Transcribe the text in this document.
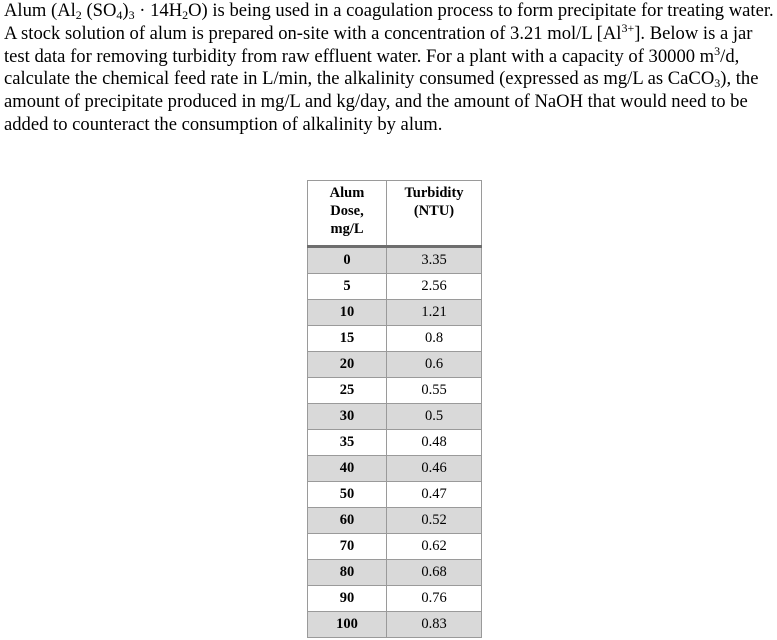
Alum ($Al_2$ $(SO_4)_3 \cdot 14H_2O$) is being used in a coagulation process to form precipitate for treating water. A stock solution of alum is prepared on-site with a concentration of 3.21 mol/L $[Al^{3+}]$. Below is a jar test data for removing turbidity from raw effluent water. For a plant with a capacity of 30000 $m^3/d$, calculate the chemical feed rate in L/min, the alkalinity consumed (expressed as mg/L as CaCO$_3$), the amount of precipitate produced in mg/L and kg/day, and the amount of NaOH that would need to be added to counteract the consumption of alkalinity by alum.

Alum
Dose,
mg/L	Turbidity
(NTU)
0	3.35
5	2.56
10	1.21
15	0.8
20	0.6
25	0.55
30	0.5
35	0.48
40	0.46
50	0.47
60	0.52
70	0.62
80	0.68
90	0.76
100	0.83
